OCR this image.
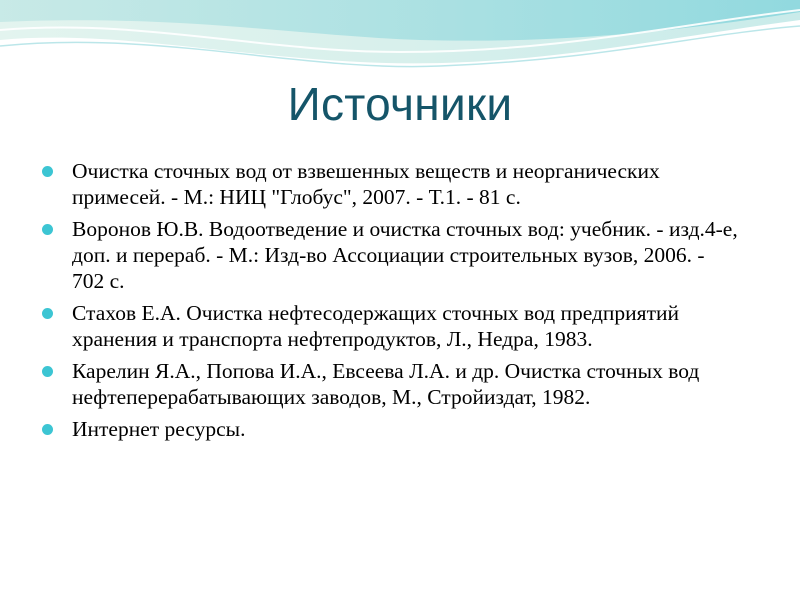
Источники
Очистка сточных вод от взвешенных веществ и неорганических примесей. - М.: НИЦ "Глобус", 2007. - Т.1. - 81 с.
Воронов Ю.В. Водоотведение и очистка сточных вод: учебник. - изд.4-е, доп. и перераб. - М.: Изд-во Ассоциации строительных вузов, 2006. - 702 с.
Стахов Е.А. Очистка нефтесодержащих сточных вод предприятий хранения и транспорта нефтепродуктов, Л., Недра, 1983.
Карелин Я.А., Попова И.А., Евсеева Л.А. и др. Очистка сточных вод нефтеперерабатывающих заводов, М., Стройиздат, 1982.
Интернет ресурсы.
